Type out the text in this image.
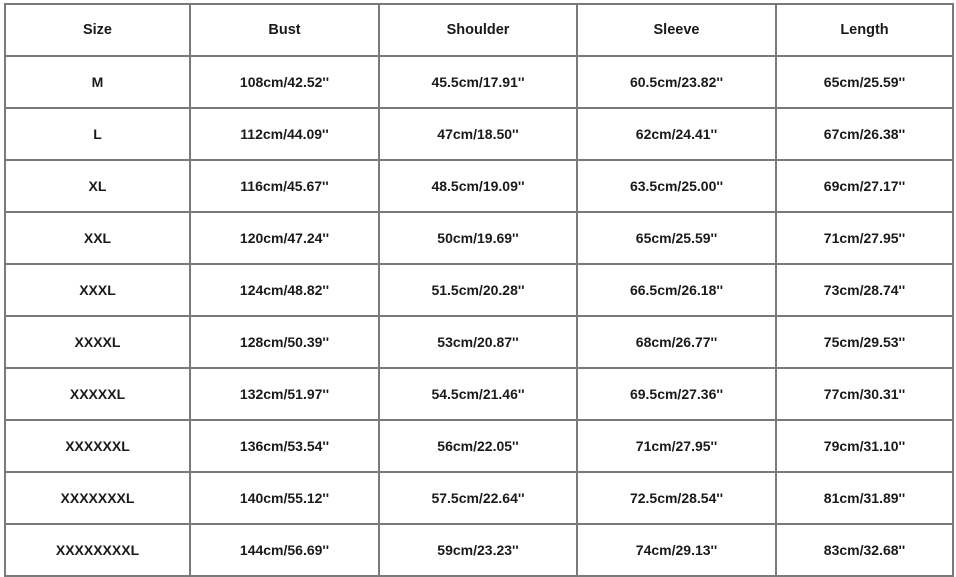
Size	Bust	Shoulder	Sleeve	Length
M	108cm/42.52''	45.5cm/17.91''	60.5cm/23.82''	65cm/25.59''
L	112cm/44.09''	47cm/18.50''	62cm/24.41''	67cm/26.38''
XL	116cm/45.67''	48.5cm/19.09''	63.5cm/25.00''	69cm/27.17''
XXL	120cm/47.24''	50cm/19.69''	65cm/25.59''	71cm/27.95''
XXXL	124cm/48.82''	51.5cm/20.28''	66.5cm/26.18''	73cm/28.74''
XXXXL	128cm/50.39''	53cm/20.87''	68cm/26.77''	75cm/29.53''
XXXXXL	132cm/51.97''	54.5cm/21.46''	69.5cm/27.36''	77cm/30.31''
XXXXXXL	136cm/53.54''	56cm/22.05''	71cm/27.95''	79cm/31.10''
XXXXXXXL	140cm/55.12''	57.5cm/22.64''	72.5cm/28.54''	81cm/31.89''
XXXXXXXXL	144cm/56.69''	59cm/23.23''	74cm/29.13''	83cm/32.68''
